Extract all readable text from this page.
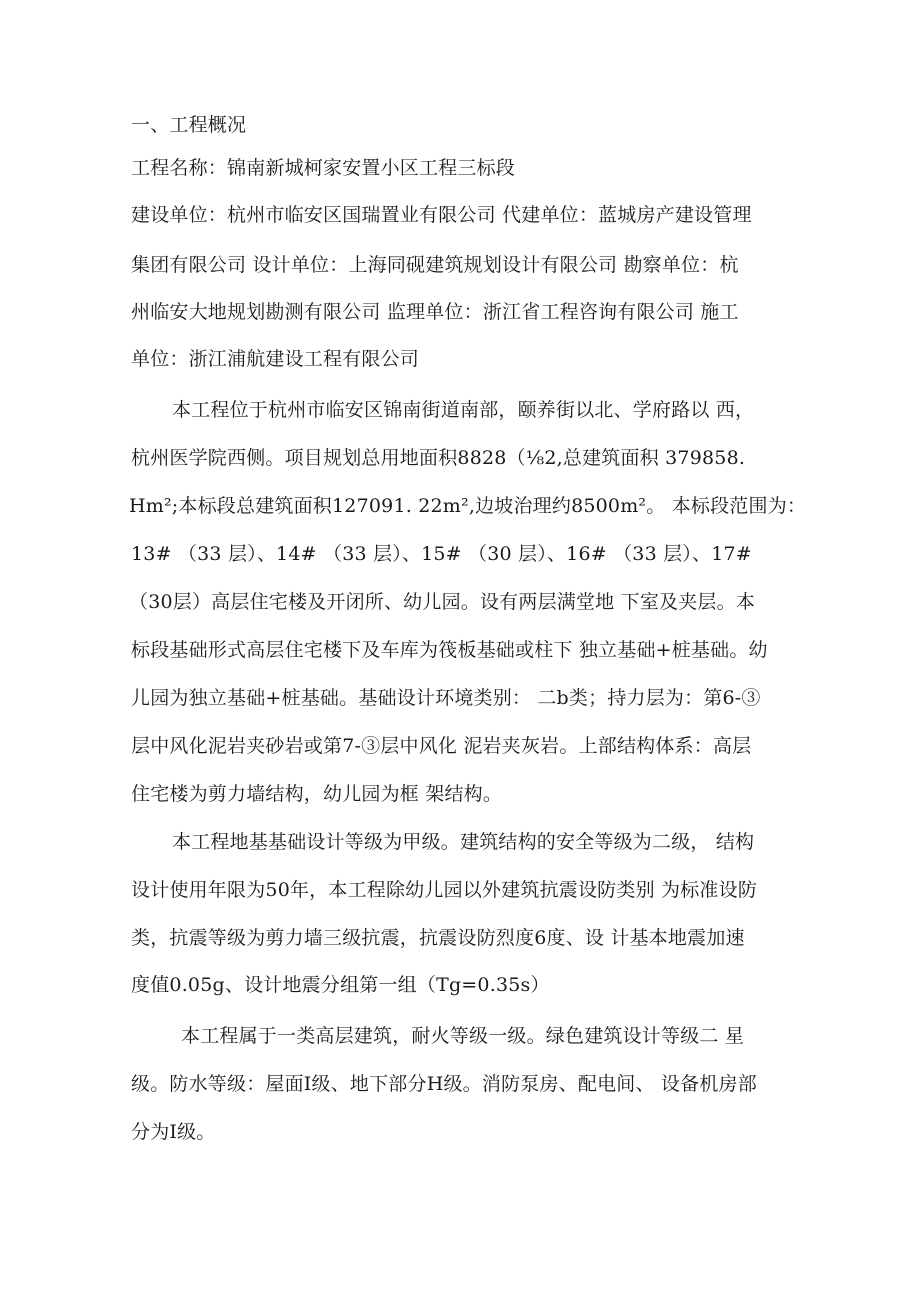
一、工程概况
工程名称：锦南新城柯家安置小区工程三标段
建设单位：杭州市临安区国瑞置业有限公司 代建单位：蓝城房产建设管理
集团有限公司 设计单位：上海同砚建筑规划设计有限公司 勘察单位：杭
州临安大地规划勘测有限公司 监理单位：浙江省工程咨询有限公司 施工
单位：浙江浦航建设工程有限公司
本工程位于杭州市临安区锦南街道南部，颐养街以北、学府路以 西，
杭州医学院西侧。项目规划总用地面积8828（⅛2,总建筑面积 379858.
Hm²;本标段总建筑面积127091. 22m²,边坡治理约8500m²。 本标段范围为：
13# （33 层）、14# （33 层）、15# （30 层）、16# （33 层）、17#
（30层）高层住宅楼及开闭所、幼儿园。设有两层满堂地 下室及夹层。本
标段基础形式高层住宅楼下及车库为筏板基础或柱下 独立基础+桩基础。幼
儿园为独立基础+桩基础。基础设计环境类别： 二b类；持力层为：第6-③
层中风化泥岩夹砂岩或第7-③层中风化 泥岩夹灰岩。上部结构体系：高层
住宅楼为剪力墙结构，幼儿园为框 架结构。
本工程地基基础设计等级为甲级。建筑结构的安全等级为二级， 结构
设计使用年限为50年，本工程除幼儿园以外建筑抗震设防类别 为标准设防
类，抗震等级为剪力墙三级抗震，抗震设防烈度6度、设 计基本地震加速
度值0.05g、设计地震分组第一组（Tg=0.35s）
本工程属于一类高层建筑，耐火等级一级。绿色建筑设计等级二 星
级。防水等级：屋面I级、地下部分H级。消防泵房、配电间、 设备机房部
分为I级。
